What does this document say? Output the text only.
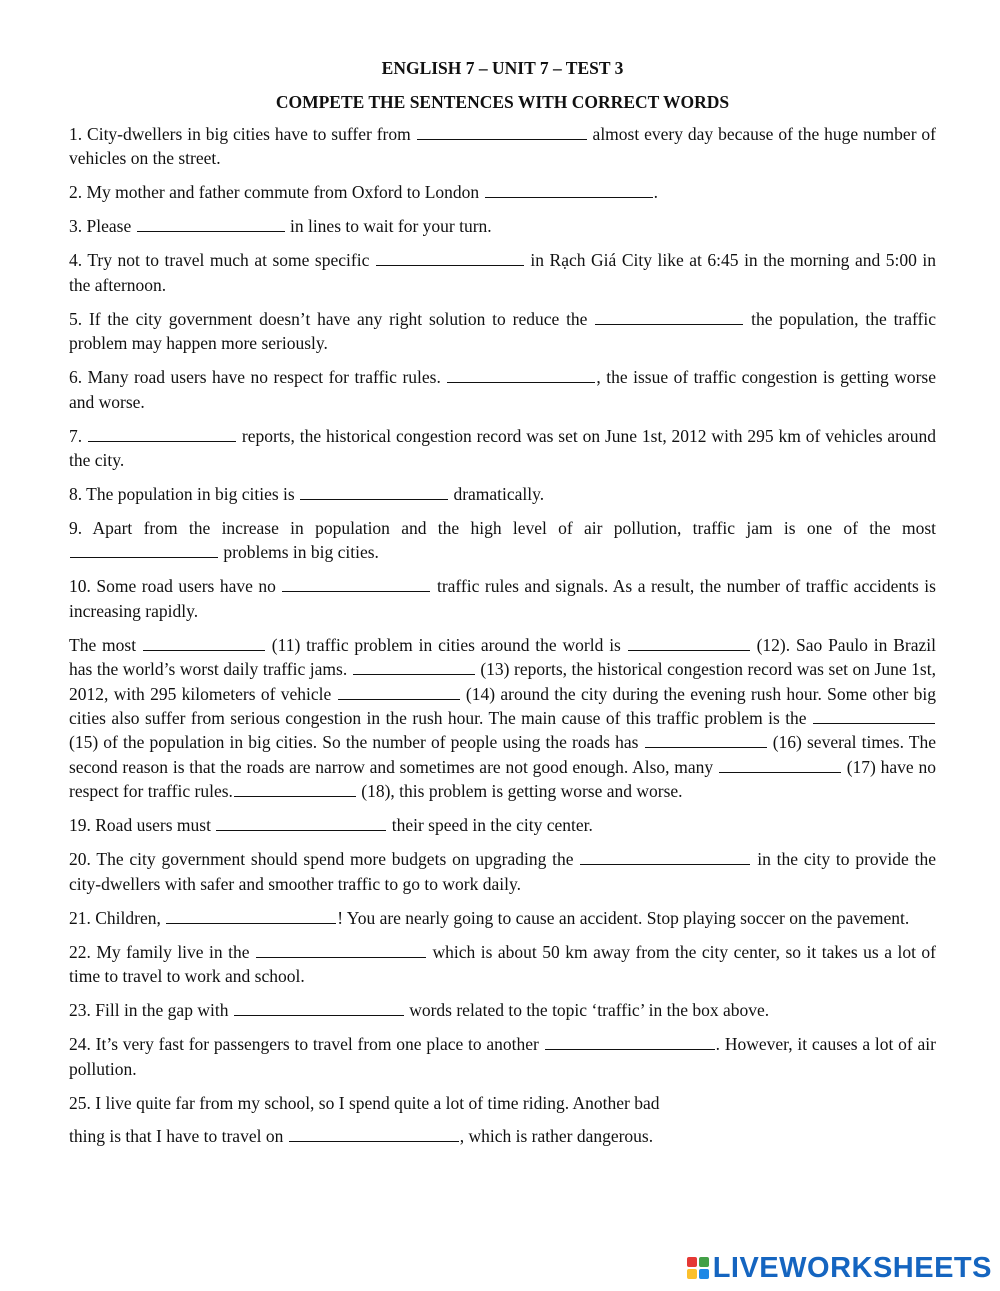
ENGLISH 7 – UNIT 7 – TEST 3
COMPETE THE SENTENCES WITH CORRECT WORDS
1. City-dwellers in big cities have to suffer from	almost every day because of the huge number of vehicles on the street.
2. My mother and father commute from Oxford to London	.
3. Please	in lines to wait for your turn.
4. Try not to travel much at some specific	in Rạch Giá City like at 6:45 in the morning and 5:00 in the afternoon.
5. If the city government doesn’t have any right solution to reduce the	the population, the traffic problem may happen more seriously.
6. Many road users have no respect for traffic rules.	, the issue of traffic congestion is getting worse and worse.
7.	reports, the historical congestion record was set on June 1st, 2012 with 295 km of vehicles around the city.
8. The population in big cities is	dramatically.
9. Apart from the increase in population and the high level of air pollution, traffic jam is one of the most  problems in big cities.
10. Some road users have no	traffic rules and signals. As a result, the number of traffic accidents is increasing rapidly.
The most	(11) traffic problem in cities around the world is	(12). Sao Paulo in Brazil has the world’s worst daily traffic jams.	(13) reports, the historical congestion record was set on June 1st, 2012, with 295 kilometers of vehicle	(14) around the city during the evening rush hour. Some other big cities also suffer from serious congestion in the rush hour. The main cause of this traffic problem is the  (15) of the population in big cities. So the number of people using the roads has	(16) several times. The second reason is that the roads are narrow and sometimes are not good enough. Also, many	(17) have no respect for traffic rules.	(18), this problem is getting worse and worse.
19. Road users must	their speed in the city center.
20. The city government should spend more budgets on upgrading the	in the city to provide the city-dwellers with safer and smoother traffic to go to work daily.
21. Children,	! You are nearly going to cause an accident. Stop playing soccer on the pavement.
22. My family live in the	which is about 50 km away from the city center, so it takes us a lot of time to travel to work and school.
23. Fill in the gap with	words related to the topic ‘traffic’ in the box above.
24. It’s very fast for passengers to travel from one place to another	. However, it causes a lot of air pollution.
25. I live quite far from my school, so I spend quite a lot of time riding. Another bad
thing is that I have to travel on	, which is rather dangerous.
LIVEWORKSHEETS
